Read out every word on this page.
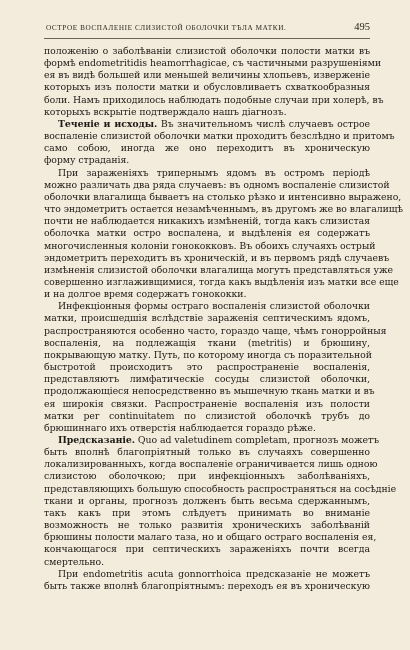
ОСТРОЕ ВОСПАЛЕНІЕ СЛИЗИСТОЙ ОБОЛОЧКИ ТѢЛА МАТКИ.	495

положенію о заболѣваніи слизистой оболочки полости матки въ
формѣ endometritidis heamorrhagicae, съ частичными разрушеніями
ея въ видѣ большей или меньшей величины хлопьевъ, изверженіе
которыхъ изъ полости матки и обусловливаетъ схваткообразныя
боли. Намъ приходилось наблюдать подобные случаи при холерѣ, въ
которыхъ вскрытіе подтверждало нашъ діагнозъ.

Теченіе и исходы. Въ значительномъ числѣ случаевъ острое
воспаленіе слизистой оболочки матки проходитъ безслѣдно и притомъ
само собою, иногда же оно переходитъ въ хроническую
форму страданія.

При зараженіяхъ трипернымъ ядомъ въ остромъ періодѣ
можно различать два ряда случаевъ: въ одномъ воспаленіе слизистой
оболочки влагалища бываетъ на столько рѣзко и интенсивно выражено,
что эндометритъ остается незамѣченнымъ, въ другомъ же во влагалищѣ
почти не наблюдается никакихъ измѣненій, тогда какъ слизистая
оболочка матки остро воспалена, и выдѣленія ея содержатъ
многочисленныя колоніи гонококковъ. Въ обоихъ случаяхъ острый
эндометритъ переходитъ въ хроническій, и въ первомъ рядѣ случаевъ
измѣненія слизистой оболочки влагалища могутъ представляться уже
совершенно изглаживщимися, тогда какъ выдѣленія изъ матки все еще
и на долгое время содержатъ гонококки.

Инфекціонныя формы остраго воспаленія слизистой оболочки
матки, происшедшія вслѣдствіе зараженія септическимъ ядомъ,
распространяются особенно часто, гораздо чаще, чѣмъ гонорройныя
воспаленія, на подлежащія ткани (metritis) и брюшину,
покрывающую матку. Путь, по которому иногда съ поразительной
быстротой происходитъ это распространеніе воспаленія,
представляютъ лимфатическіе сосуды слизистой оболочки,
продолжающіеся непосредственно въ мышечную ткань матки и въ
ея широкія связки. Распространеніе воспаленія изъ полости
матки per continuitatem по слизистой оболочкѣ трубъ до
брюшиннаго ихъ отверстія наблюдается гораздо рѣже.

Предсказаніе. Quo ad valetudinem completam, прогнозъ можетъ
быть вполнѣ благопріятный только въ случаяхъ совершенно
локализированныхъ, когда воспаленіе ограничивается лишь одною
слизистою оболочкою; при инфекціонныхъ заболѣваніяхъ,
представляющихъ большую способность распространяться на сосѣдніе
ткани и органы, прогнозъ долженъ быть весьма сдержаннымъ,
такъ какъ при этомъ слѣдуетъ принимать во вниманіе
возможность не только развитія хроническихъ заболѣваній
брюшины полости малаго таза, но и общаго остраго воспаленія ея,
кончающагося при септическихъ зараженіяхъ почти всегда
смертельно.

При endometritis acuta gonnorrhoica предсказаніе не можетъ
быть также вполнѣ благопріятнымъ: переходъ ея въ хроническую
